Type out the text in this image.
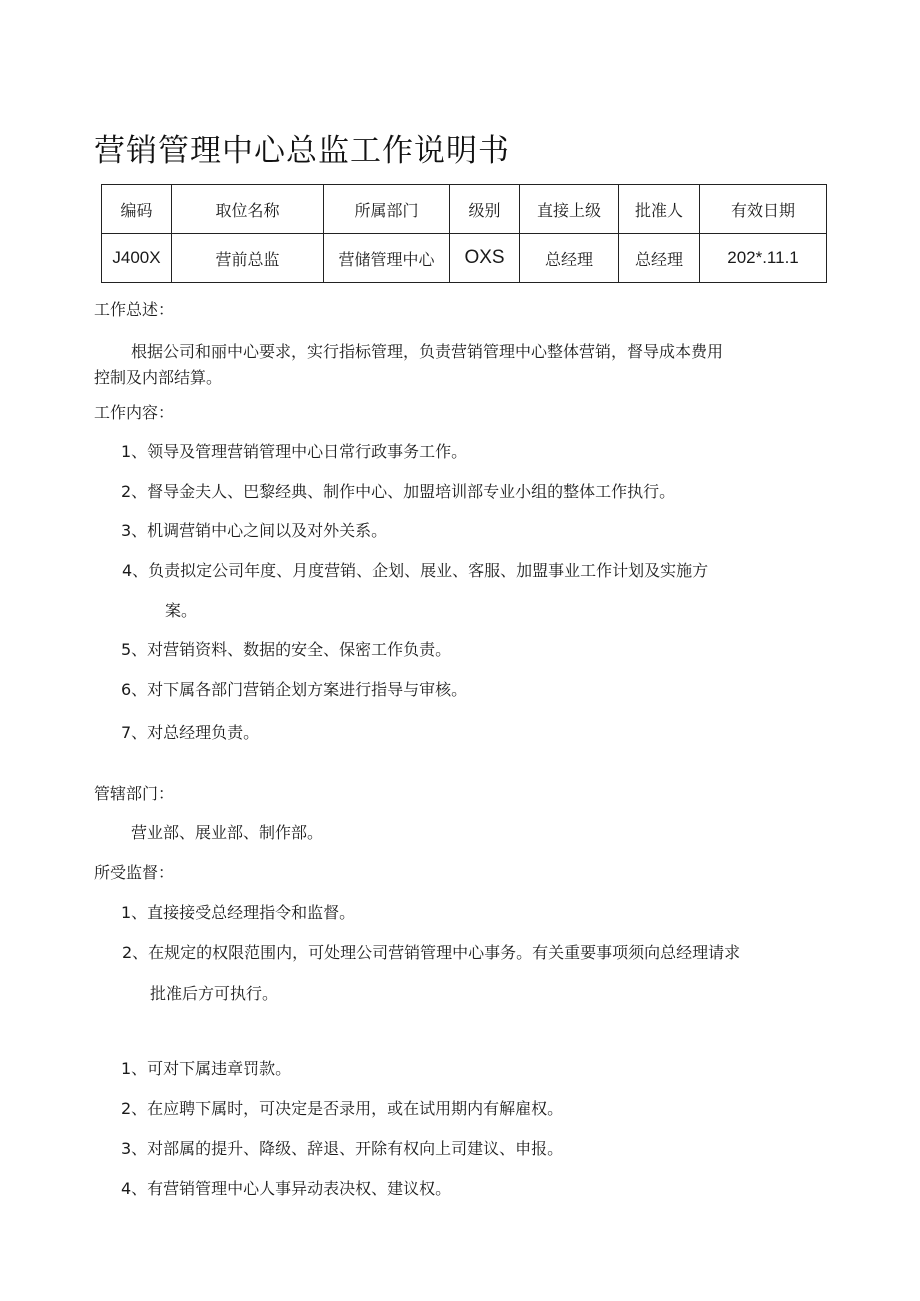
营销管理中心总监工作说明书
编码	取位名称	所属部门	级别	直接上级	批准人	有效日期
J400X	营前总监	营储管理中心	OXS	总经理	总经理	202*.11.1
工作总述：
根据公司和丽中心要求，实行指标管理，负责营销管理中心整体营销，督导成本费用
控制及内部结算。
工作内容：
1、领导及管理营销管理中心日常行政事务工作。
2、督导金夫人、巴黎经典、制作中心、加盟培训部专业小组的整体工作执行。
3、机调营销中心之间以及对外关系。
4、负责拟定公司年度、月度营销、企划、展业、客服、加盟事业工作计划及实施方
案。
5、对营销资料、数据的安全、保密工作负责。
6、对下属各部门营销企划方案进行指导与审核。
7、对总经理负责。
管辖部门：
营业部、展业部、制作部。
所受监督：
1、直接接受总经理指令和监督。
2、在规定的权限范围内，可处理公司营销管理中心事务。有关重要事项须向总经理请求
批准后方可执行。
1、可对下属违章罚款。
2、在应聘下属时，可决定是否录用，或在试用期内有解雇权。
3、对部属的提升、降级、辞退、开除有权向上司建议、申报。
4、有营销管理中心人事异动表决权、建议权。
